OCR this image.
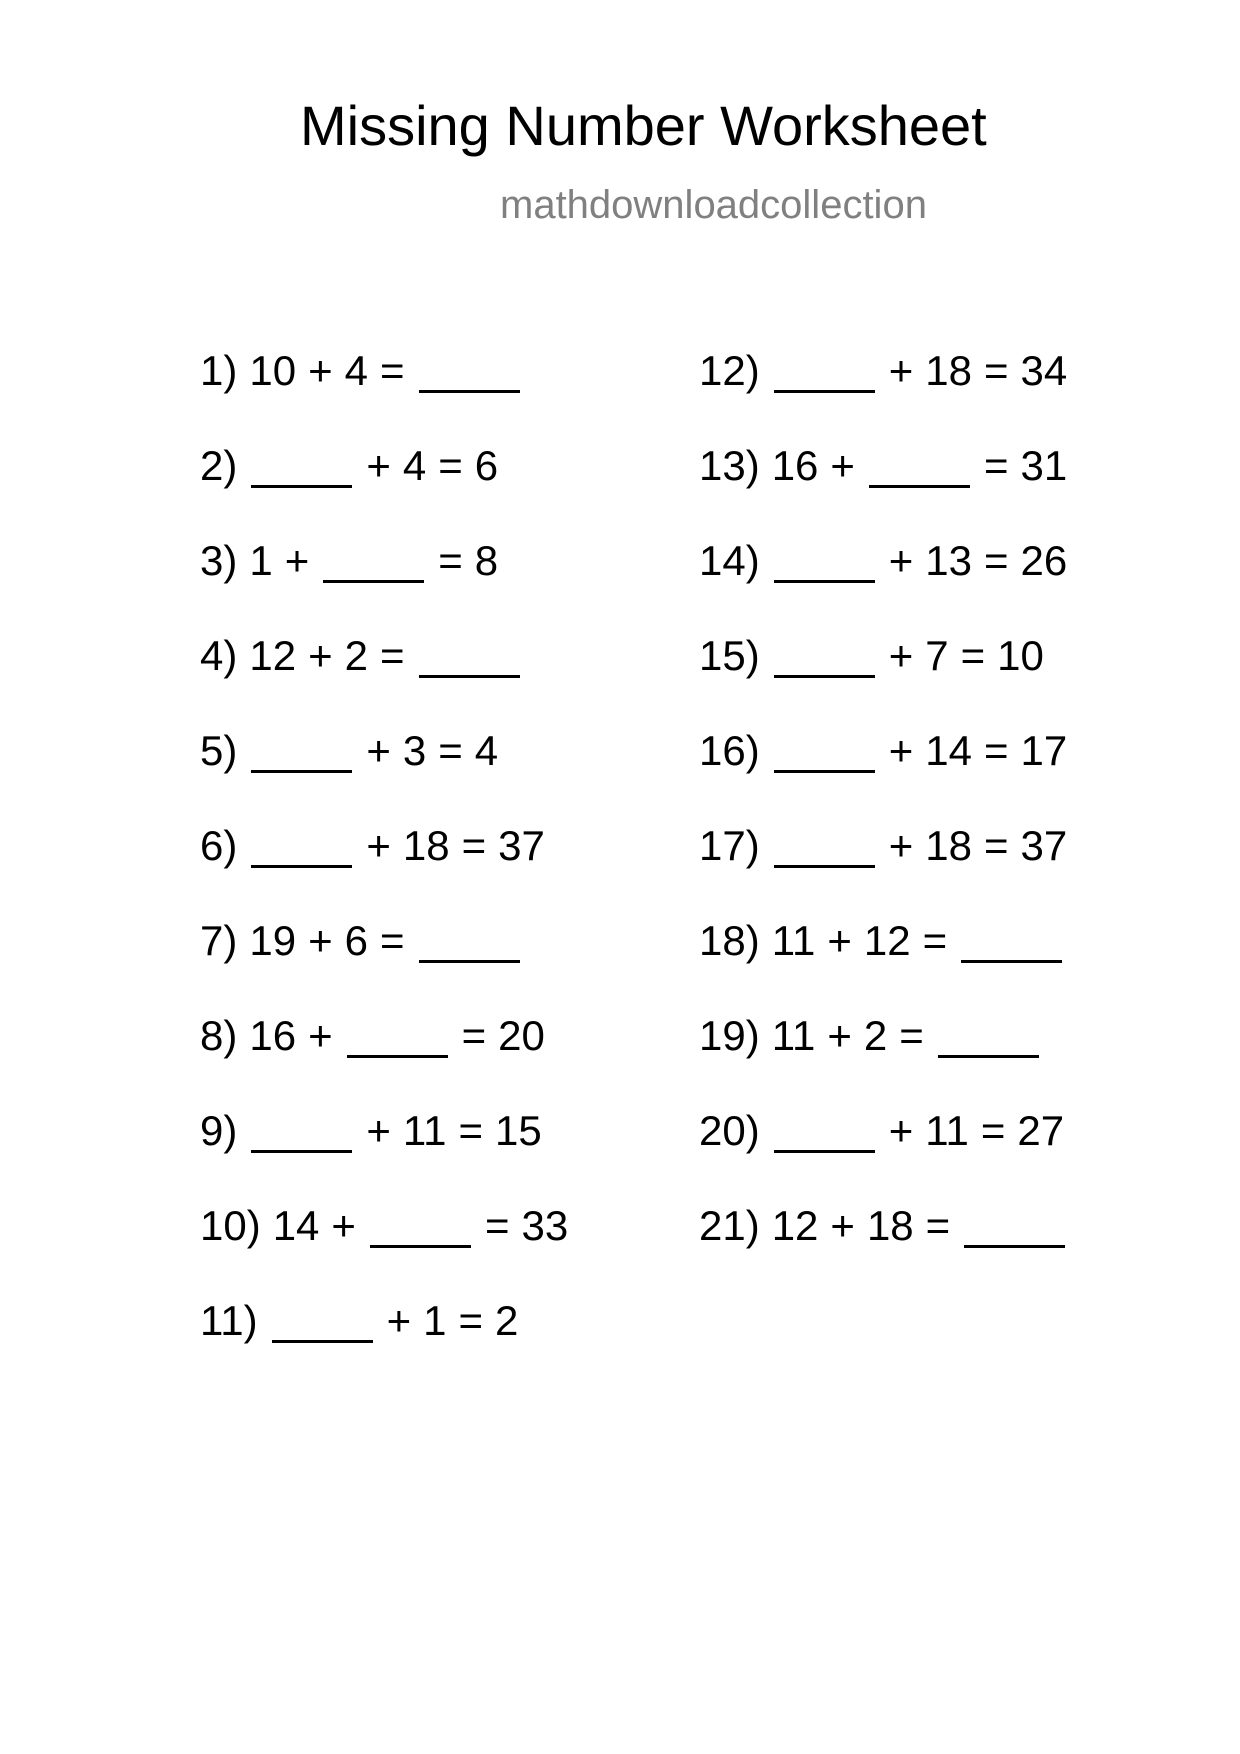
Missing Number Worksheet
mathdownloadcollection
1) 10 + 4 =
2)	+ 4 = 6
3) 1 +	= 8
4) 12 + 2 =
5)	+ 3 = 4
6)	+ 18 = 37
7) 19 + 6 =
8) 16 +	= 20
9)	+ 11 = 15
10) 14 +	= 33
11)	+ 1 = 2
12)	+ 18 = 34
13) 16 +	= 31
14)	+ 13 = 26
15)	+ 7 = 10
16)	+ 14 = 17
17)	+ 18 = 37
18) 11 + 12 =
19) 11 + 2 =
20)	+ 11 = 27
21) 12 + 18 =
